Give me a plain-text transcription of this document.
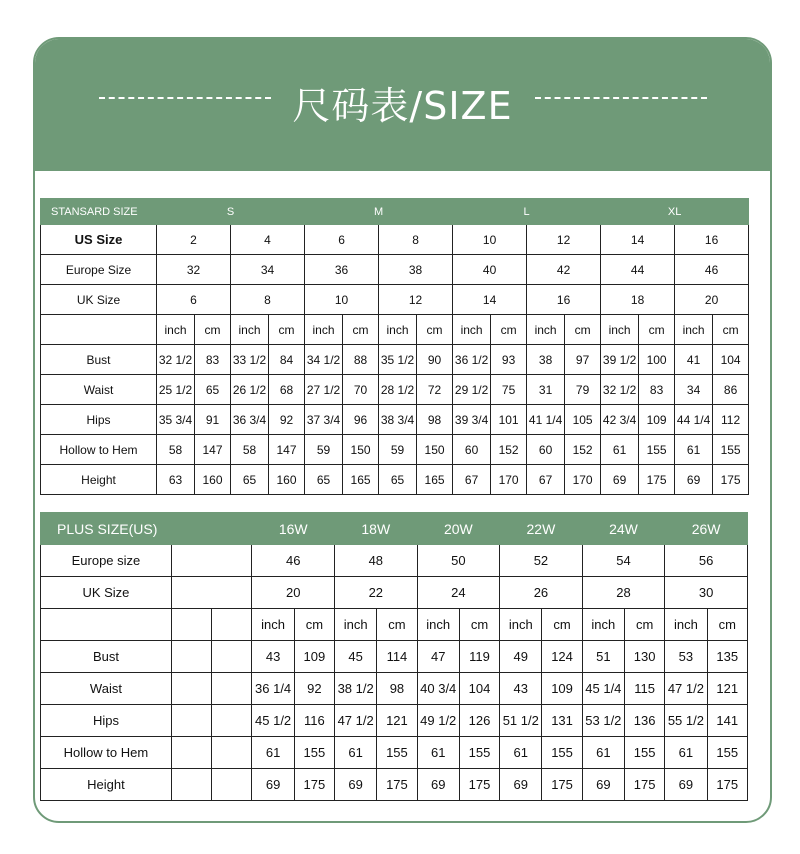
尺码表/SIZE
STANSARD SIZE	S				M				L				XL			
US Size	2		4		6		8		10		12		14		16	
Europe Size	32		34		36		38		40		42		44		46	
UK Size	6		8		10		12		14		16		18		20	
	inch	cm	inch	cm	inch	cm	inch	cm	inch	cm	inch	cm	inch	cm	inch	cm
Bust	32 1/2	83	33 1/2	84	34 1/2	88	35 1/2	90	36 1/2	93	38	97	39 1/2	100	41	104
Waist	25 1/2	65	26 1/2	68	27 1/2	70	28 1/2	72	29 1/2	75	31	79	32 1/2	83	34	86
Hips	35 3/4	91	36 3/4	92	37 3/4	96	38 3/4	98	39 3/4	101	41 1/4	105	42 3/4	109	44 1/4	112
Hollow to Hem	58	147	58	147	59	150	59	150	60	152	60	152	61	155	61	155
Height	63	160	65	160	65	165	65	165	67	170	67	170	69	175	69	175
PLUS SIZE(US)			16W		18W		20W		22W		24W		26W	
Europe size			46		48		50		52		54		56	
UK Size			20		22		24		26		28		30	
			inch	cm	inch	cm	inch	cm	inch	cm	inch	cm	inch	cm
Bust			43	109	45	114	47	119	49	124	51	130	53	135
Waist			36 1/4	92	38 1/2	98	40 3/4	104	43	109	45 1/4	115	47 1/2	121
Hips			45 1/2	116	47 1/2	121	49 1/2	126	51 1/2	131	53 1/2	136	55 1/2	141
Hollow to Hem			61	155	61	155	61	155	61	155	61	155	61	155
Height			69	175	69	175	69	175	69	175	69	175	69	175
